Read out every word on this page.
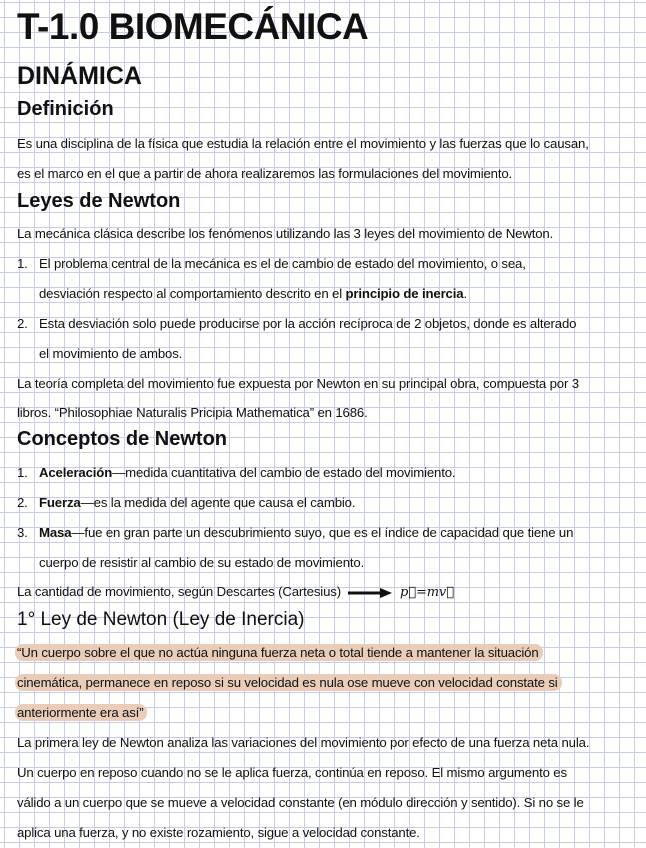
T-1.0 BIOMECÁNICA
DINÁMICA
Definición
Es una disciplina de la física que estudia la relación entre el movimiento y las fuerzas que lo causan,
es el marco en el que a partir de ahora realizaremos las formulaciones del movimiento.
Leyes de Newton
La mecánica clásica describe los fenómenos utilizando las 3 leyes del movimiento de Newton.
1. El problema central de la mecánica es el de cambio de estado del movimiento, o sea,
desviación respecto al comportamiento descrito en el principio de inercia.
2. Esta desviación solo puede producirse por la acción recíproca de 2 objetos, donde es alterado
el movimiento de ambos.
La teoría completa del movimiento fue expuesta por Newton en su principal obra, compuesta por 3
libros. “Philosophiae Naturalis Pricipia Mathematica” en 1686.
Conceptos de Newton
1. Aceleración—medida cuantitativa del cambio de estado del movimiento.
2. Fuerza—es la medida del agente que causa el cambio.
3. Masa—fue en gran parte un descubrimiento suyo, que es el índice de capacidad que tiene un
cuerpo de resistir al cambio de su estado de movimiento.
La cantidad de movimiento, según Descartes (Cartesius)	p⃗=mv⃗
1° Ley de Newton (Ley de Inercia)
“Un cuerpo sobre el que no actúa ninguna fuerza neta o total tiende a mantener la situación
cinemática, permanece en reposo si su velocidad es nula ose mueve con velocidad constate si
anteriormente era así”
La primera ley de Newton analiza las variaciones del movimiento por efecto de una fuerza neta nula.
Un cuerpo en reposo cuando no se le aplica fuerza, continúa en reposo. El mismo argumento es
válido a un cuerpo que se mueve a velocidad constante (en módulo dirección y sentido). Si no se le
aplica una fuerza, y no existe rozamiento, sigue a velocidad constante.
